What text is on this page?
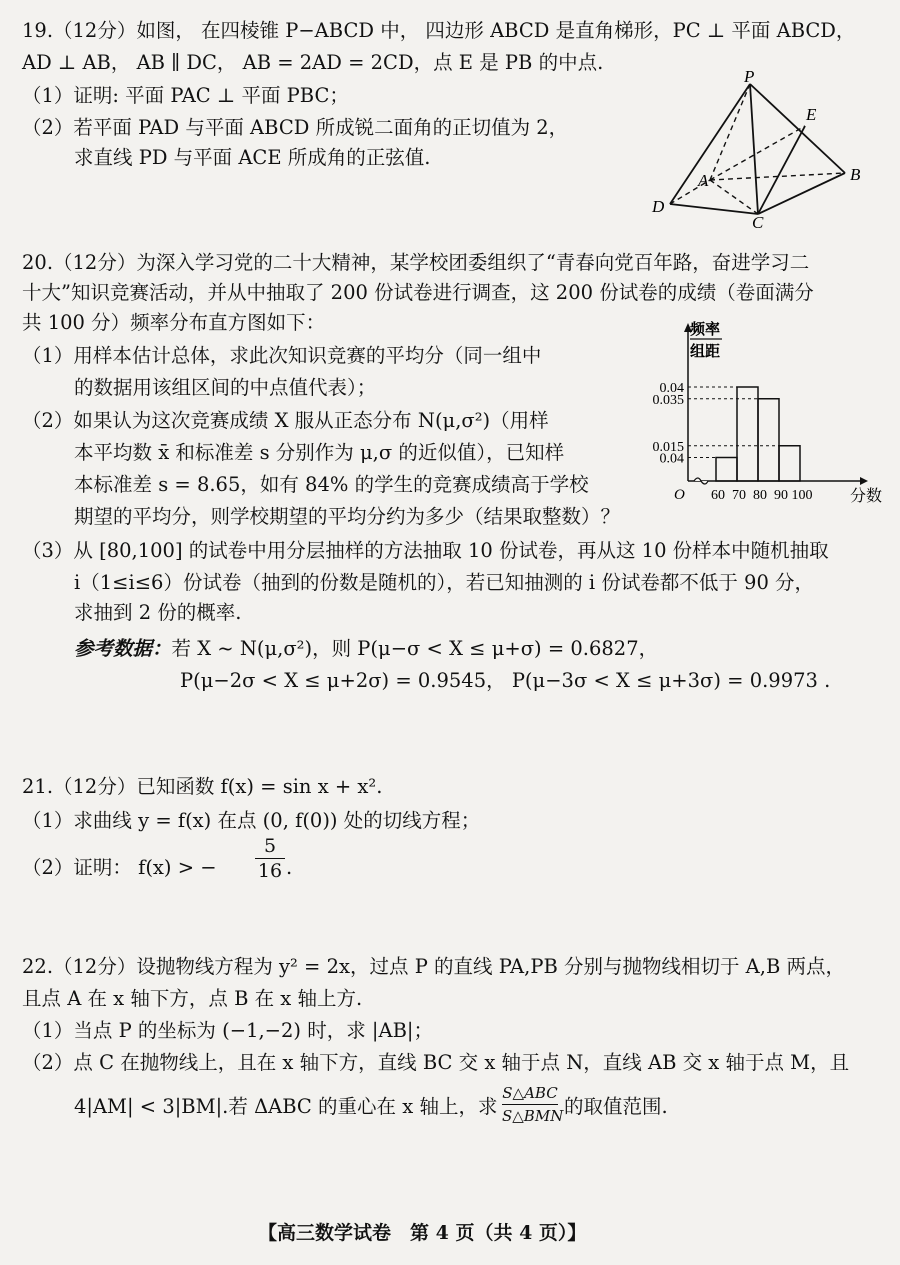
19.（12分）如图， 在四棱锥 P−ABCD 中， 四边形 ABCD 是直角梯形，PC ⊥ 平面 ABCD，
AD ⊥ AB， AB ∥ DC， AB = 2AD = 2CD，点 E 是 PB 的中点.
（1）证明: 平面 PAC ⊥ 平面 PBC；
（2）若平面 PAD 与平面 ABCD 所成锐二面角的正切值为 2，
求直线 PD 与平面 ACE 所成角的正弦值.
P
E
A	B
C
D
20.（12分）为深入学习党的二十大精神，某学校团委组织了“青春向党百年路，奋进学习二
十大”知识竞赛活动，并从中抽取了 200 份试卷进行调查，这 200 份试卷的成绩（卷面满分
共 100 分）频率分布直方图如下：
（1）用样本估计总体，求此次知识竞赛的平均分（同一组中
的数据用该组区间的中点值代表）；
（2）如果认为这次竞赛成绩 X 服从正态分布 N(μ,σ²)（用样
本平均数 x̄ 和标准差 s 分别作为 μ,σ 的近似值），已知样
本标准差 s = 8.65，如有 84% 的学生的竞赛成绩高于学校
期望的平均分，则学校期望的平均分约为多少（结果取整数）？
（3）从 [80,100] 的试卷中用分层抽样的方法抽取 10 份试卷，再从这 10 份样本中随机抽取
i（1≤i≤6）份试卷（抽到的份数是随机的），若已知抽测的 i 份试卷都不低于 90 分，
求抽到 2 份的概率.
参考数据：若 X ~ N(μ,σ²)，则 P(μ−σ < X ≤ μ+σ) = 0.6827，
P(μ−2σ < X ≤ μ+2σ) = 0.9545， P(μ−3σ < X ≤ μ+3σ) = 0.9973 .
频率
组距
0.04
0.035
0.015
0.04
60 70 80 90 100
O	分数
21.（12分）已知函数 f(x) = sin x + x².
（1）求曲线 y = f(x) 在点 (0, f(0)) 处的切线方程；
（2）证明： f(x) > − $\frac{5}{16}$ .
22.（12分）设抛物线方程为 y² = 2x，过点 P 的直线 PA,PB 分别与抛物线相切于 A,B 两点，
且点 A 在 x 轴下方，点 B 在 x 轴上方.
（1）当点 P 的坐标为 (−1,−2) 时，求 |AB|；
（2）点 C 在抛物线上，且在 x 轴下方，直线 BC 交 x 轴于点 N，直线 AB 交 x 轴于点 M，且
4|AM| < 3|BM|.若 ΔABC 的重心在 x 轴上，求
S△ABC
S△BMN 的取值范围.
【高三数学试卷　第 4 页（共 4 页）】
